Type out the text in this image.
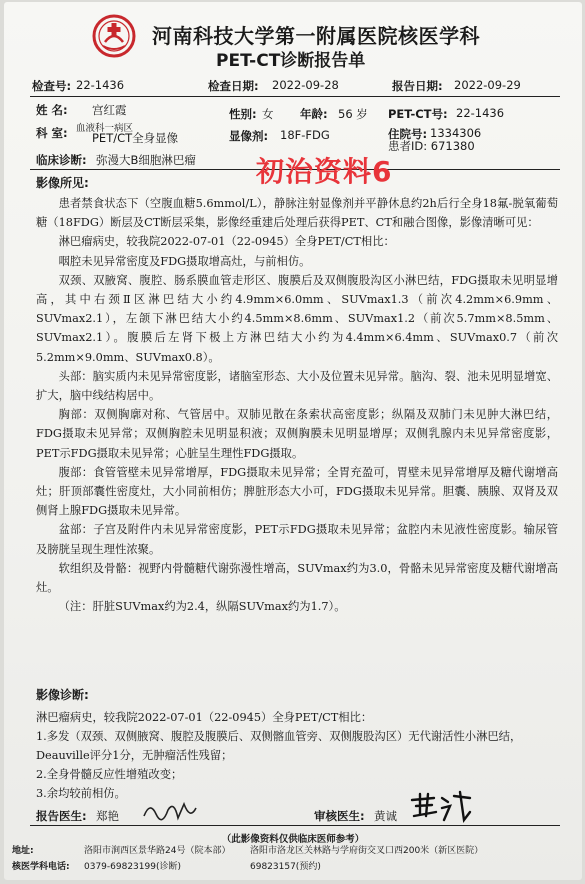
河南科技大学第一附属医院核医学科
PET-CT诊断报告单
检查号: 22-1436	检查日期: 2022-09-28	报告日期: 2022-09-29
姓 名: 宫红霞	性别: 女 年龄: 56 岁 PET-CT号: 22-1436
科 室: 血液科一病区
PET/CT全身显像	显像剂: 18F-FDG	住院号: 1334306
患者ID: 671380
临床诊断: 弥漫大B细胞淋巴瘤 初治资料6
影像所见:

患者禁食状态下（空腹血糖5.6mmol/L），静脉注射显像剂并平静休息约2h后行全身18氟-脱氧葡萄糖（18FDG）断层及CT断层采集，影像经重建后处理后获得PET、CT和融合图像，影像清晰可见：

淋巴瘤病史，较我院2022-07-01（22-0945）全身PET/CT相比：

咽腔未见异常密度及FDG摄取增高灶，与前相仿。

双颈、双腋窝、腹腔、肠系膜血管走形区、腹膜后及双侧腹股沟区小淋巴结，FDG摄取未见明显增高，其中右颈Ⅱ区淋巴结大小约4.9mm×6.0mm、SUVmax1.3（前次4.2mm×6.9mm、SUVmax2.1），左颌下淋巴结大小约4.5mm×8.6mm、SUVmax1.2（前次5.7mm×8.5mm、SUVmax2.1）。腹膜后左肾下极上方淋巴结大小约为4.4mm×6.4mm、SUVmax0.7（前次5.2mm×9.0mm、SUVmax0.8）。

头部：脑实质内未见异常密度影，诸脑室形态、大小及位置未见异常。脑沟、裂、池未见明显增宽、扩大，脑中线结构居中。

胸部：双侧胸廓对称、气管居中。双肺见散在条索状高密度影；纵隔及双肺门未见肿大淋巴结，FDG摄取未见异常；双侧胸腔未见明显积液；双侧胸膜未见明显增厚；双侧乳腺内未见异常密度影，PET示FDG摄取未见异常；心脏呈生理性FDG摄取。

腹部：食管管壁未见异常增厚，FDG摄取未见异常；全胃充盈可，胃壁未见异常增厚及糖代谢增高灶；肝顶部囊性密度灶，大小同前相仿；脾脏形态大小可，FDG摄取未见异常。胆囊、胰腺、双肾及双侧肾上腺FDG摄取未见异常。

盆部：子宫及附件内未见异常密度影，PET示FDG摄取未见异常；盆腔内未见液性密度影。输尿管及膀胱呈现生理性浓聚。

软组织及骨骼：视野内骨髓糖代谢弥漫性增高，SUVmax约为3.0，骨骼未见异常密度及糖代谢增高灶。

（注：肝脏SUVmax约为2.4，纵隔SUVmax约为1.7）。

影像诊断:

淋巴瘤病史，较我院2022-07-01（22-0945）全身PET/CT相比：

1.多发（双颈、双侧腋窝、腹腔及腹膜后、双侧髂血管旁、双侧腹股沟区）无代谢活性小淋巴结，Deauville评分1分，无肿瘤活性残留；

2.全身骨髓反应性增殖改变；

3.余均较前相仿。

报告医生: 郑艳	审核医生: 黄诚
（此影像资料仅供临床医师参考）
地址:	洛阳市涧西区景华路24号（院本部） 洛阳市洛龙区关林路与学府街交叉口西200米（新区医院）
核医学科电话: 0379-69823199(诊断)	69823157(预约)
